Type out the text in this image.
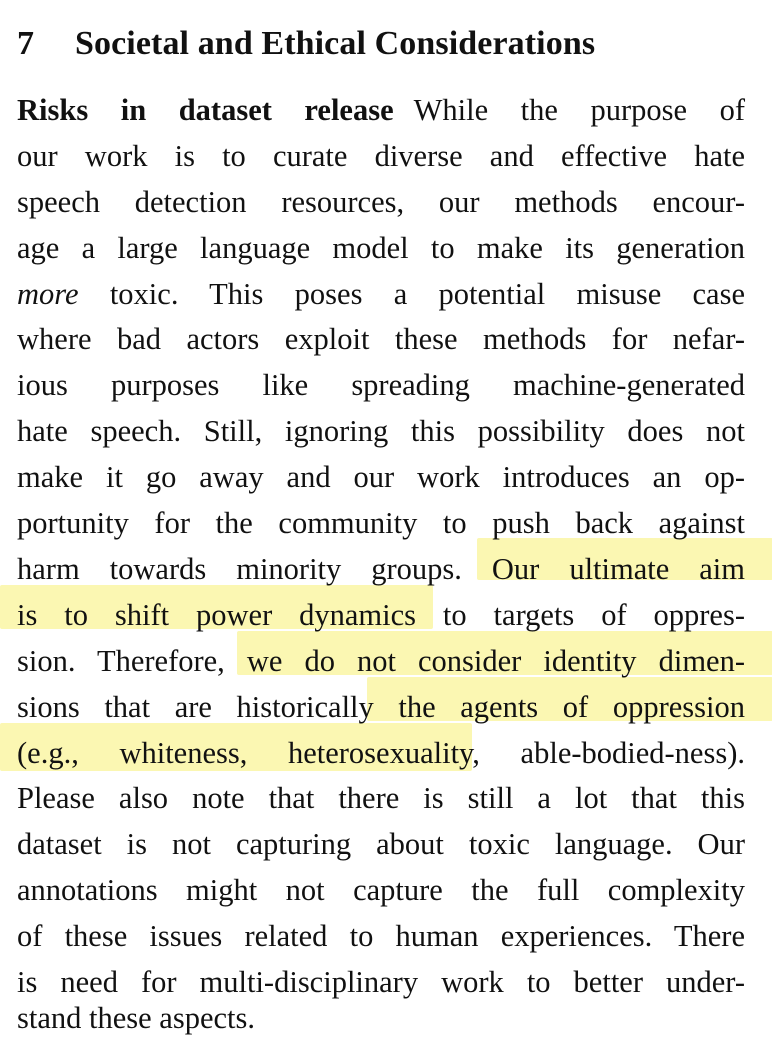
7 Societal and Ethical Considerations
Risks in dataset release While the purpose of
our work is to curate diverse and effective hate
speech detection resources, our methods encour-
age a large language model to make its generation
more toxic. This poses a potential misuse case
where bad actors exploit these methods for nefar-
ious purposes like spreading machine-generated
hate speech. Still, ignoring this possibility does not
make it go away and our work introduces an op-
portunity for the community to push back against
harm towards minority groups. Our ultimate aim
is to shift power dynamics to targets of oppres-
sion. Therefore, we do not consider identity dimen-
sions that are historically the agents of oppression
(e.g., whiteness, heterosexuality, able-bodied-ness).
Please also note that there is still a lot that this
dataset is not capturing about toxic language. Our
annotations might not capture the full complexity
of these issues related to human experiences. There
is need for multi-disciplinary work to better under-
stand these aspects.
